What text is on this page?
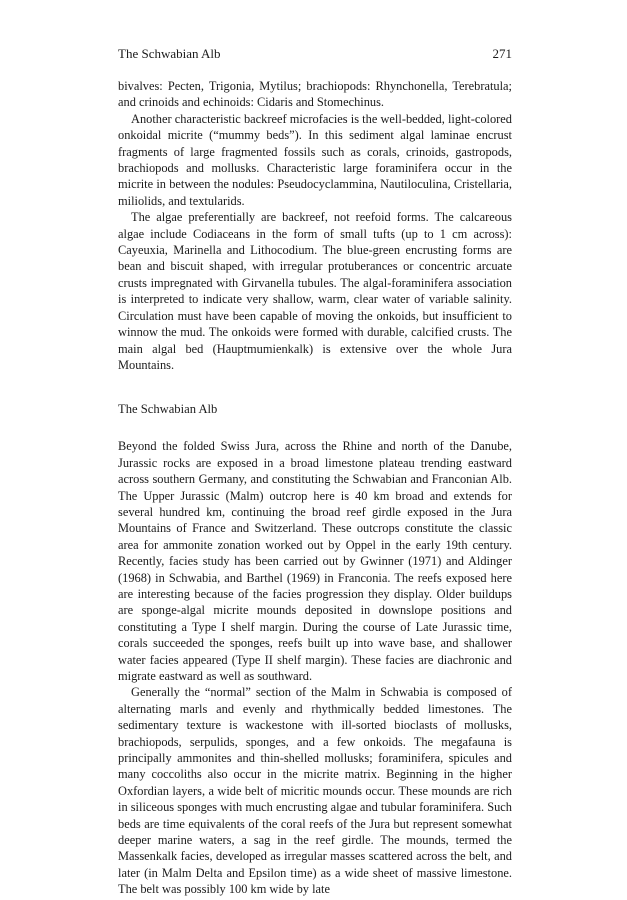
The Schwabian Alb	271

bivalves: Pecten, Trigonia, Mytilus; brachiopods: Rhynchonella, Terebratula; and crinoids and echinoids: Cidaris and Stomechinus.

Another characteristic backreef microfacies is the well-bedded, light-colored onkoidal micrite (“mummy beds”). In this sediment algal laminae encrust fragments of large fragmented fossils such as corals, crinoids, gastropods, brachiopods and mollusks. Characteristic large foraminifera occur in the micrite in between the nodules: Pseudocyclammina, Nautiloculina, Cristellaria, miliolids, and textularids.

The algae preferentially are backreef, not reefoid forms. The calcareous algae include Codiaceans in the form of small tufts (up to 1 cm across): Cayeuxia, Marinella and Lithocodium. The blue-green encrusting forms are bean and biscuit shaped, with irregular protuberances or concentric arcuate crusts impregnated with Girvanella tubules. The algal-foraminifera association is interpreted to indicate very shallow, warm, clear water of variable salinity. Circulation must have been capable of moving the onkoids, but insufficient to winnow the mud. The onkoids were formed with durable, calcified crusts. The main algal bed (Hauptmumienkalk) is extensive over the whole Jura Mountains.

The Schwabian Alb

Beyond the folded Swiss Jura, across the Rhine and north of the Danube, Jurassic rocks are exposed in a broad limestone plateau trending eastward across southern Germany, and constituting the Schwabian and Franconian Alb. The Upper Jurassic (Malm) outcrop here is 40 km broad and extends for several hundred km, continuing the broad reef girdle exposed in the Jura Mountains of France and Switzerland. These outcrops constitute the classic area for ammonite zonation worked out by Oppel in the early 19th century. Recently, facies study has been carried out by Gwinner (1971) and Aldinger (1968) in Schwabia, and Barthel (1969) in Franconia. The reefs exposed here are interesting because of the facies progression they display. Older buildups are sponge-algal micrite mounds deposited in downslope positions and constituting a Type I shelf margin. During the course of Late Jurassic time, corals succeeded the sponges, reefs built up into wave base, and shallower water facies appeared (Type II shelf margin). These facies are diachronic and migrate eastward as well as southward.

Generally the “normal” section of the Malm in Schwabia is composed of alternating marls and evenly and rhythmically bedded limestones. The sedimentary texture is wackestone with ill-sorted bioclasts of mollusks, brachiopods, serpulids, sponges, and a few onkoids. The megafauna is principally ammonites and thin-shelled mollusks; foraminifera, spicules and many coccoliths also occur in the micrite matrix. Beginning in the higher Oxfordian layers, a wide belt of micritic mounds occur. These mounds are rich in siliceous sponges with much encrusting algae and tubular foraminifera. Such beds are time equivalents of the coral reefs of the Jura but represent somewhat deeper marine waters, a sag in the reef girdle. The mounds, termed the Massenkalk facies, developed as irregular masses scattered across the belt, and later (in Malm Delta and Epsilon time) as a wide sheet of massive limestone. The belt was possibly 100 km wide by late
